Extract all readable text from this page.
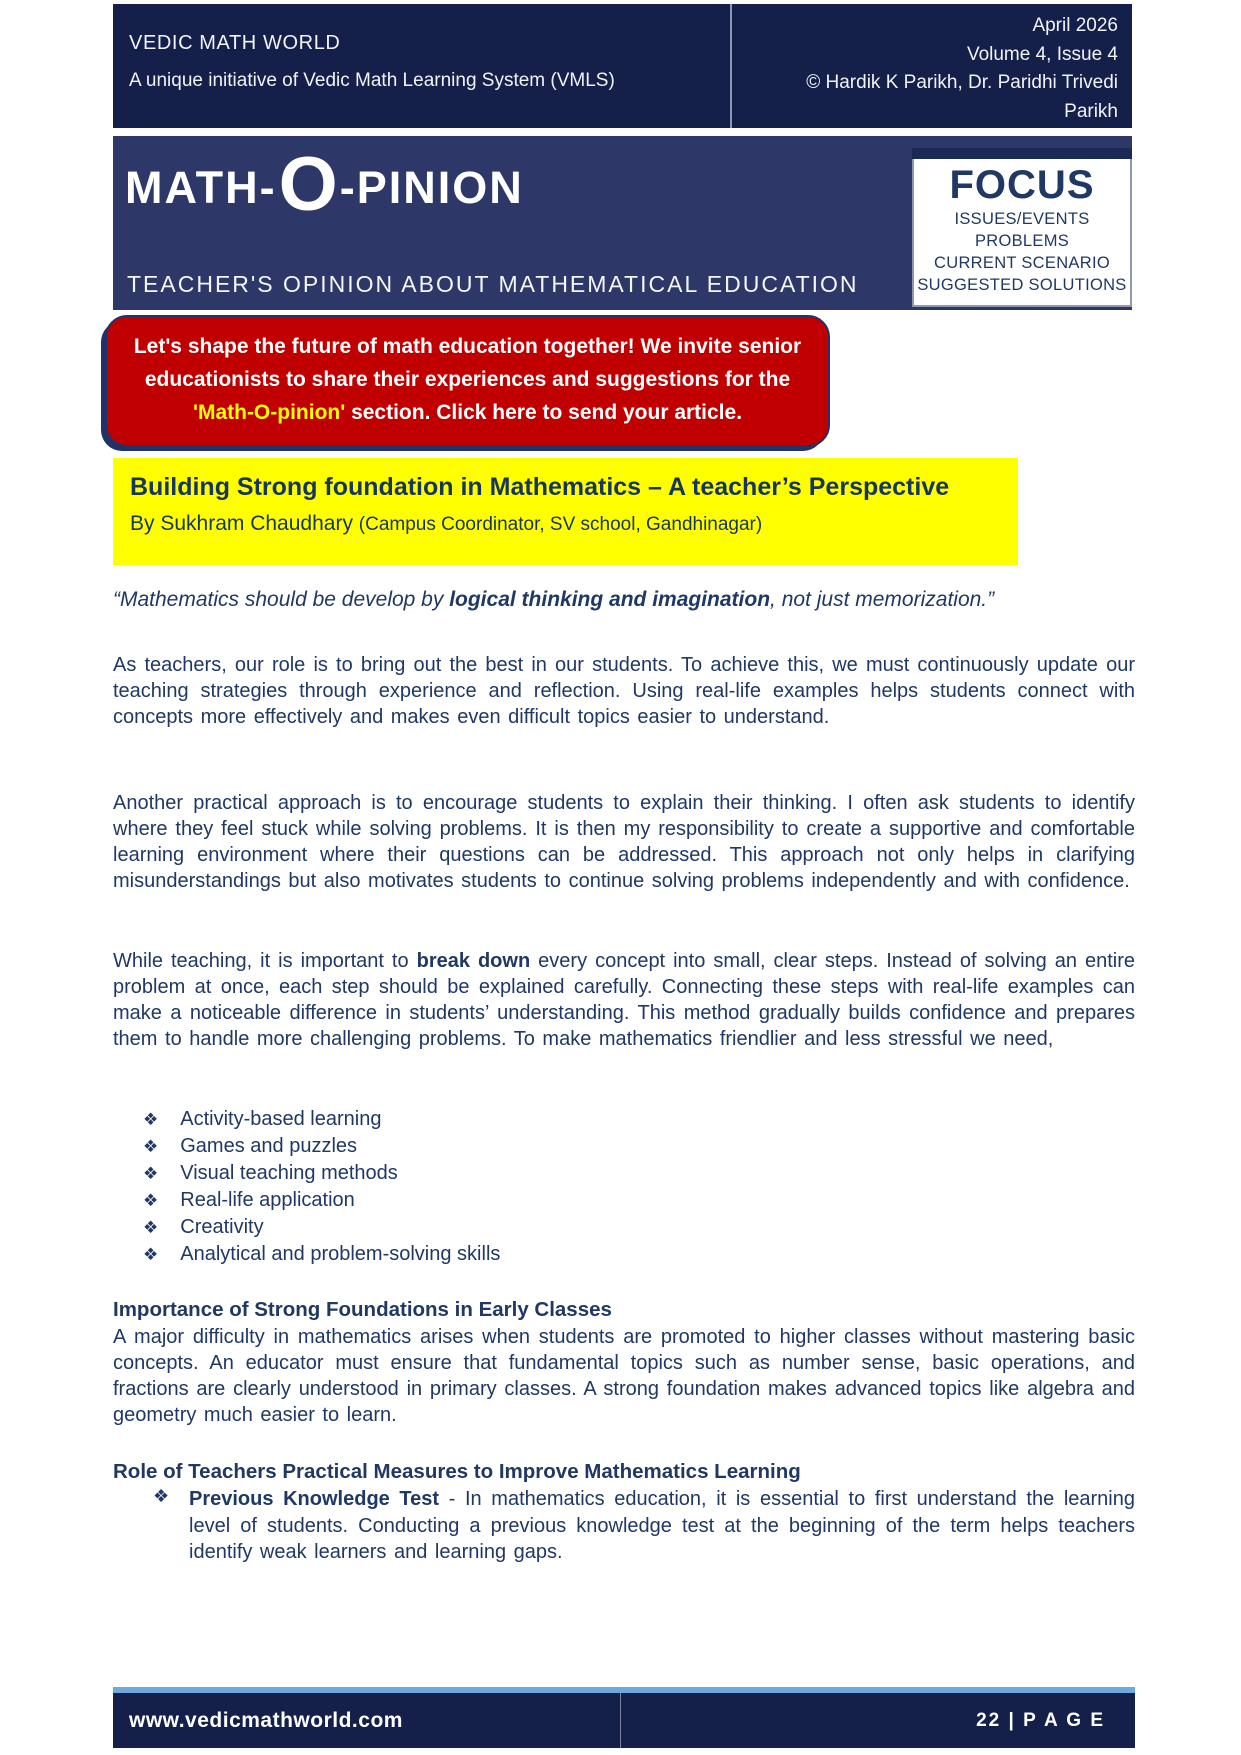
VEDIC MATH WORLD
A unique initiative of Vedic Math Learning System (VMLS)
April 2026
Volume 4, Issue 4
© Hardik K Parikh, Dr. Paridhi Trivedi
Parikh
MATH- O -PINION
TEACHER'S OPINION ABOUT MATHEMATICAL EDUCATION
FOCUS
ISSUES/EVENTS
PROBLEMS
CURRENT SCENARIO
SUGGESTED SOLUTIONS
Let's shape the future of math education together! We invite senior
educationists to share their experiences and suggestions for the
'Math-O-pinion' section. Click here to send your article.
Building Strong foundation in Mathematics – A teacher’s Perspective
By Sukhram Chaudhary (Campus Coordinator, SV school, Gandhinagar)
“Mathematics should be develop by logical thinking and imagination, not just memorization.”

As teachers, our role is to bring out the best in our students. To achieve this, we must continuously update our teaching strategies through experience and reflection. Using real-life examples helps students connect with concepts more effectively and makes even difficult topics easier to understand.

Another practical approach is to encourage students to explain their thinking. I often ask students to identify where they feel stuck while solving problems. It is then my responsibility to create a supportive and comfortable learning environment where their questions can be addressed. This approach not only helps in clarifying misunderstandings but also motivates students to continue solving problems independently and with confidence.

While teaching, it is important to break down every concept into small, clear steps. Instead of solving an entire problem at once, each step should be explained carefully. Connecting these steps with real-life examples can make a noticeable difference in students’ understanding. This method gradually builds confidence and prepares them to handle more challenging problems. To make mathematics friendlier and less stressful we need,

❖ Activity-based learning
❖ Games and puzzles
❖ Visual teaching methods
❖ Real-life application
❖ Creativity
❖ Analytical and problem-solving skills
Importance of Strong Foundations in Early Classes

A major difficulty in mathematics arises when students are promoted to higher classes without mastering basic concepts. An educator must ensure that fundamental topics such as number sense, basic operations, and fractions are clearly understood in primary classes. A strong foundation makes advanced topics like algebra and geometry much easier to learn.

Role of Teachers Practical Measures to Improve Mathematics Learning
❖ Previous Knowledge Test - In mathematics education, it is essential to first understand the learning level of students. Conducting a previous knowledge test at the beginning of the term helps teachers identify weak learners and learning gaps.
www.vedicmathworld.com	22 | P A G E
